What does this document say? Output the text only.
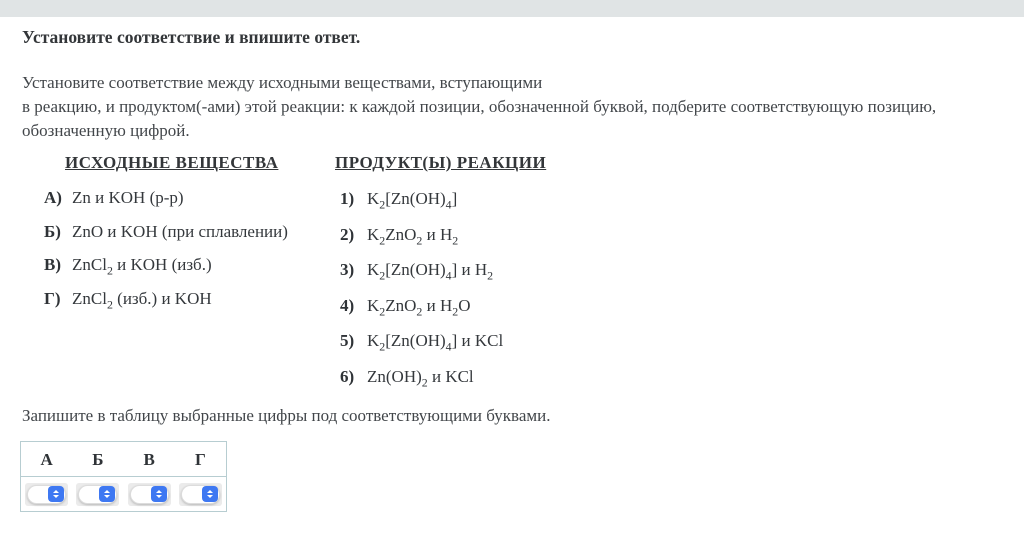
Установите соответствие и впишите ответ.
Установите соответствие между исходными веществами, вступающими
в реакцию, и продуктом(-ами) этой реакции: к каждой позиции, обозначенной буквой, подберите соответствующую позицию,
обозначенную цифрой.
ИСХОДНЫЕ ВЕЩЕСТВА	ПРОДУКТ(Ы) РЕАКЦИИ
А) Zn и KOH (р-р)
Б) ZnO и KOH (при сплавлении)
В) ZnCl$_2$ и KOH (изб.)
Г) ZnCl$_2$ (изб.) и KOH
1) $K_2[Zn(OH)_4]$
2) $K_2ZnO_2$ и $H_2$
3) $K_2[Zn(OH)_4]$ и $H_2$
4) $K_2ZnO_2$ и $H_2O$
5) $K_2[Zn(OH)_4]$ и KCl
6) $Zn(OH)_2$ и KCl
Запишите в таблицу выбранные цифры под соответствующими буквами.
А	Б	В	Г
